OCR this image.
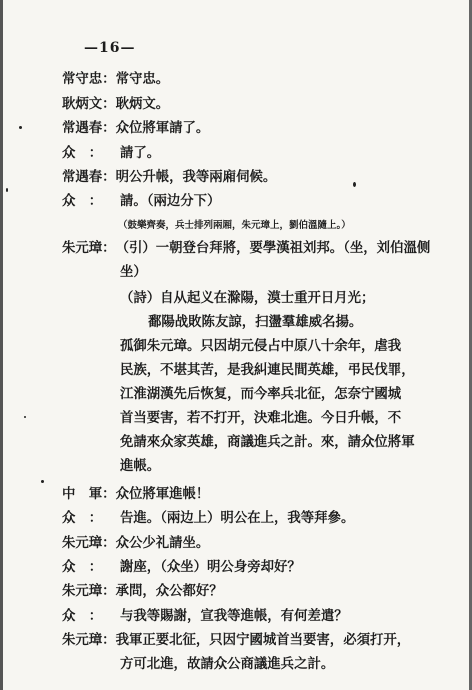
—16—
常守忠：常守忠。
耿炳文：耿炳文。
常遇春：众位將軍請了。
众　： 請了。
常遇春：明公升帳，我等兩廂伺候。
众　： 請。（兩边分下）
（鼓樂齊奏，兵士排列兩厢，朱元璋上，劉伯溫隨上。）
朱元璋：（引）一朝登台拜將，要學漢祖刘邦。（坐，刘伯溫侧
坐）
（詩）自从起义在滁陽，漠士重开日月光；
鄱陽战敗陈友諒，扫盪羣雄威名揚。
孤御朱元璋。只因胡元侵占中原八十余年，虐我
民族，不堪其苦，是我糾連民間英雄，弔民伐罪，
江淮湖漢先后恢复，而今率兵北征，怎奈宁國城
首当要害，若不打开，決难北進。今日升帳，不
免請來众家英雄，商議進兵之計。來，請众位將軍
進帳。
中　軍：众位將軍進帳！
众　： 告進。（兩边上）明公在上，我等拜參。
朱元璋：众公少礼請坐。
众　： 謝座，（众坐）明公身旁却好？
朱元璋：承問，众公都好？
众　： 与我等賜謝，宣我等進帳，有何差遣？
朱元璋：我軍正要北征，只因宁國城首当要害，必須打开，
方可北進，故請众公商議進兵之計。
